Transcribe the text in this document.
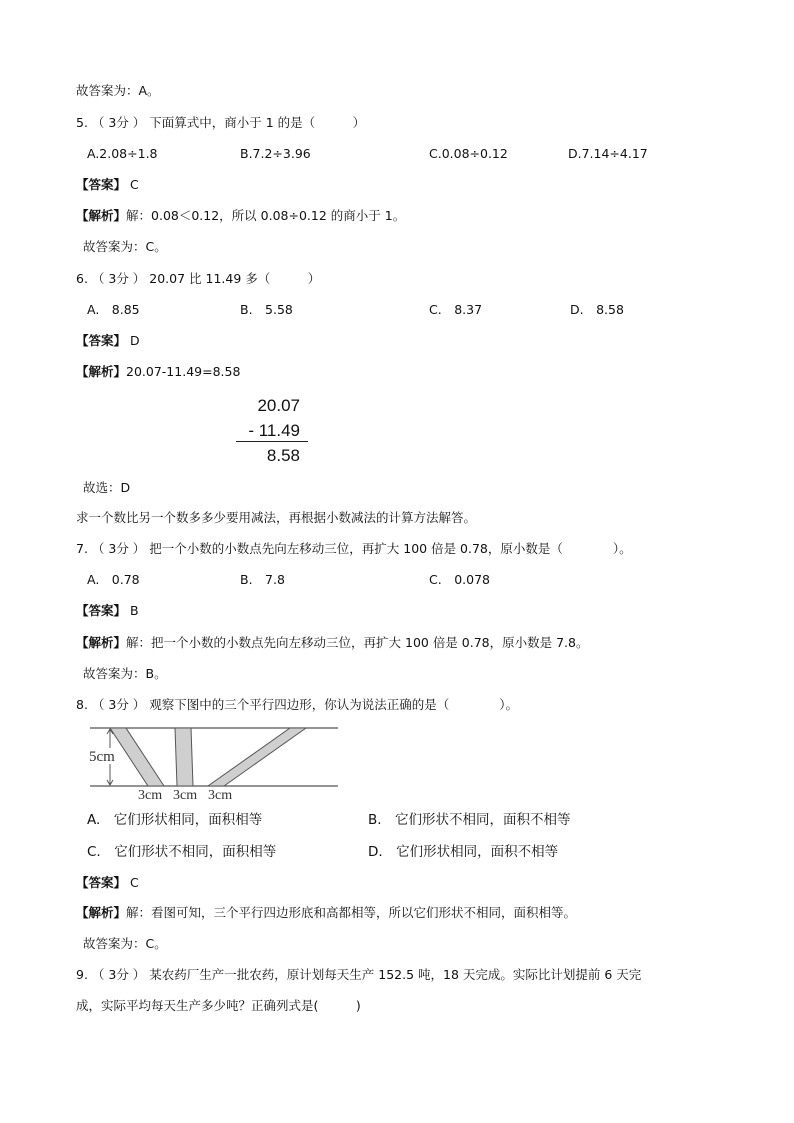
故答案为：A。
5. （ 3分 ） 下面算式中，商小于 1 的是（　　　）
A.2.08÷1.8	B.7.2÷3.96	C.0.08÷0.12	D.7.14÷4.17
【答案】 C
【解析】解：0.08＜0.12，所以 0.08÷0.12 的商小于 1。
故答案为：C。
6. （ 3分 ） 20.07 比 11.49 多（　　　）
A.　8.85	B.　5.58	C.　8.37	D.　8.58
【答案】 D
【解析】20.07-11.49=8.58
20.07
- 11.49
8.58
故选：D
求一个数比另一个数多多少要用减法，再根据小数减法的计算方法解答。
7. （ 3分 ） 把一个小数的小数点先向左移动三位，再扩大 100 倍是 0.78，原小数是（　　　　）。
A.　0.78	B.　7.8	C.　0.078
【答案】 B
【解析】解：把一个小数的小数点先向左移动三位，再扩大 100 倍是 0.78，原小数是 7.8。
故答案为：B。
8. （ 3分 ） 观察下图中的三个平行四边形，你认为说法正确的是（　　　　）。
5cm
3cm 3cm 3cm
A.　它们形状相同，面积相等	B.　它们形状不相同，面积不相等
C.　它们形状不相同，面积相等	D.　它们形状相同，面积不相等
【答案】 C
【解析】解：看图可知，三个平行四边形底和高都相等，所以它们形状不相同，面积相等。
故答案为：C。
9. （ 3分 ） 某农药厂生产一批农药，原计划每天生产 152.5 吨，18 天完成。实际比计划提前 6 天完
成，实际平均每天生产多少吨？正确列式是(　　　)
